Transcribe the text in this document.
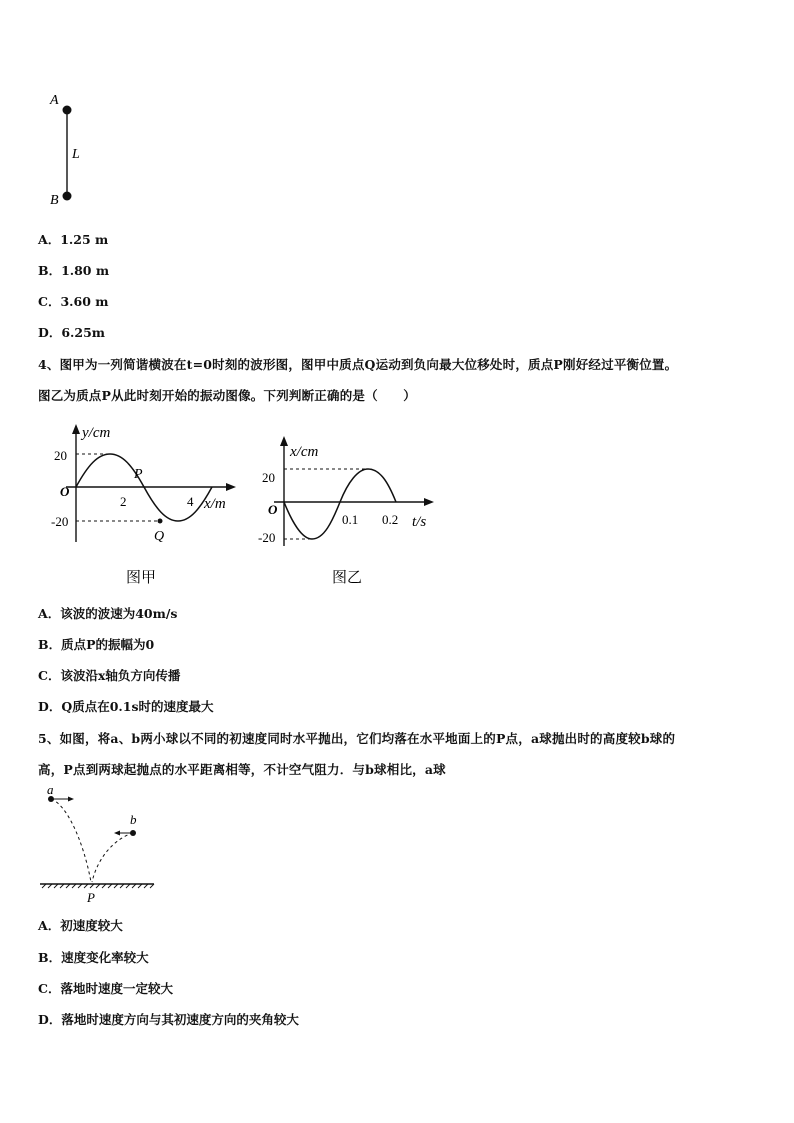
A
B
L
A．1.25 m
B．1.80 m
C．3.60 m
D．6.25m
4、图甲为一列简谐横波在t=0时刻的波形图，图甲中质点Q运动到负向最大位移处时，质点P刚好经过平衡位置。
图乙为质点P从此时刻开始的振动图像。下列判断正确的是（　　）
y/cm
20
O
-20
P
2	4 x/m
Q
图甲
x/cm
20
O
-20
0.1 0.2 t/s
图乙
A．该波的波速为40m/s
B．质点P的振幅为0
C．该波沿x轴负方向传播
D．Q质点在0.1s时的速度最大
5、如图，将a、b两小球以不同的初速度同时水平抛出，它们均落在水平地面上的P点，a球抛出时的高度较b球的
高，P点到两球起抛点的水平距离相等，不计空气阻力．与b球相比，a球
a
b
P
A．初速度较大
B．速度变化率较大
C．落地时速度一定较大
D．落地时速度方向与其初速度方向的夹角较大
